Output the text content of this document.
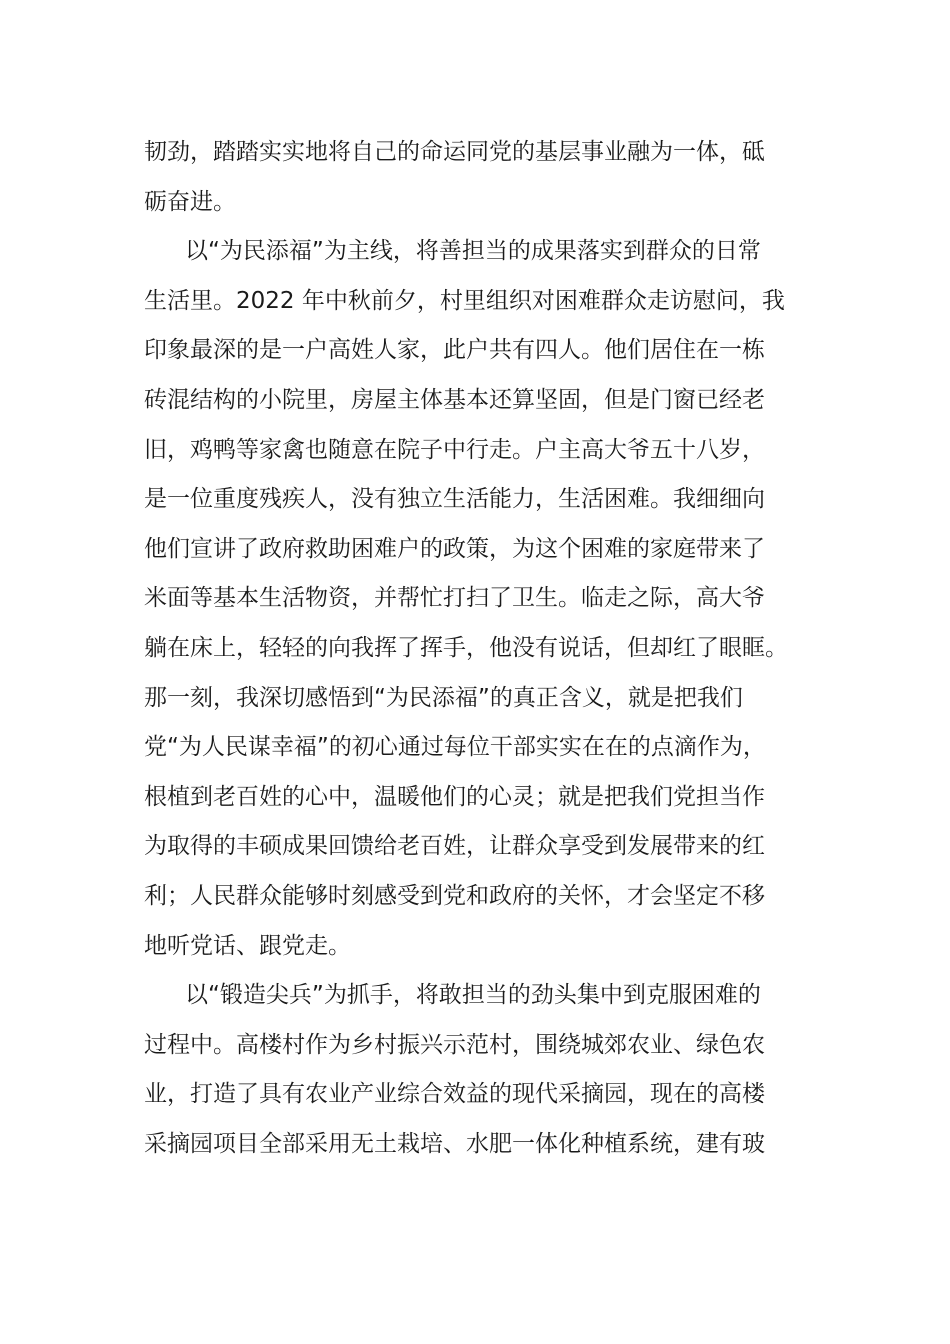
韧劲，踏踏实实地将自己的命运同党的基层事业融为一体，砥
砺奋进。
以“为民添福”为主线，将善担当的成果落实到群众的日常
生活里。2022 年中秋前夕，村里组织对困难群众走访慰问，我
印象最深的是一户高姓人家，此户共有四人。他们居住在一栋
砖混结构的小院里，房屋主体基本还算坚固，但是门窗已经老
旧，鸡鸭等家禽也随意在院子中行走。户主高大爷五十八岁，
是一位重度残疾人，没有独立生活能力，生活困难。我细细向
他们宣讲了政府救助困难户的政策，为这个困难的家庭带来了
米面等基本生活物资，并帮忙打扫了卫生。临走之际，高大爷
躺在床上，轻轻的向我挥了挥手，他没有说话，但却红了眼眶。
那一刻，我深切感悟到“为民添福”的真正含义，就是把我们
党“为人民谋幸福”的初心通过每位干部实实在在的点滴作为，
根植到老百姓的心中，温暖他们的心灵；就是把我们党担当作
为取得的丰硕成果回馈给老百姓，让群众享受到发展带来的红
利；人民群众能够时刻感受到党和政府的关怀，才会坚定不移
地听党话、跟党走。
以“锻造尖兵”为抓手，将敢担当的劲头集中到克服困难的
过程中。高楼村作为乡村振兴示范村，围绕城郊农业、绿色农
业，打造了具有农业产业综合效益的现代采摘园，现在的高楼
采摘园项目全部采用无土栽培、水肥一体化种植系统，建有玻
